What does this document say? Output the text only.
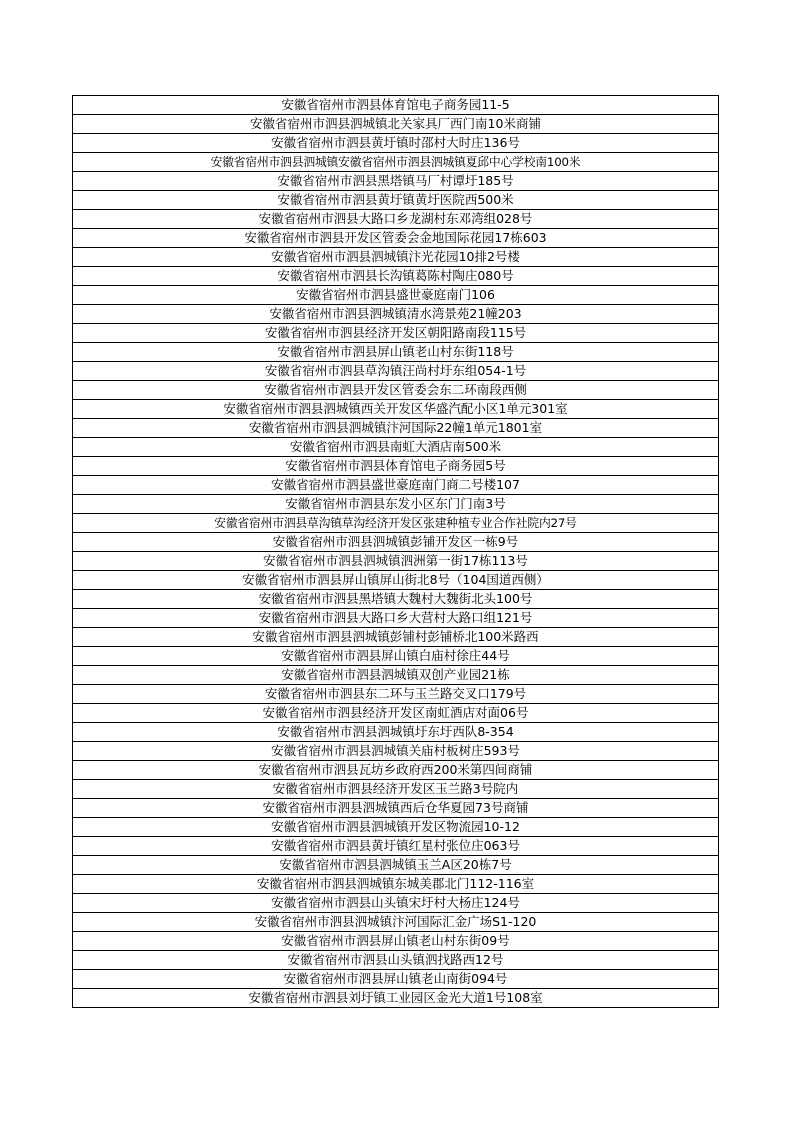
安徽省宿州市泗县体育馆电子商务园11-5
安徽省宿州市泗县泗城镇北关家具厂西门南10米商铺
安徽省宿州市泗县黄圩镇时邵村大时庄136号
安徽省宿州市泗县泗城镇安徽省宿州市泗县泗城镇夏邱中心学校南100米
安徽省宿州市泗县黑塔镇马厂村谭圩185号
安徽省宿州市泗县黄圩镇黄圩医院西500米
安徽省宿州市泗县大路口乡龙湖村东邓湾组028号
安徽省宿州市泗县开发区管委会金地国际花园17栋603
安徽省宿州市泗县泗城镇汴光花园10排2号楼
安徽省宿州市泗县长沟镇葛陈村陶庄080号
安徽省宿州市泗县盛世豪庭南门106
安徽省宿州市泗县泗城镇清水湾景苑21幢203
安徽省宿州市泗县经济开发区朝阳路南段115号
安徽省宿州市泗县屏山镇老山村东街118号
安徽省宿州市泗县草沟镇汪尚村圩东组054-1号
安徽省宿州市泗县开发区管委会东二环南段西侧
安徽省宿州市泗县泗城镇西关开发区华盛汽配小区1单元301室
安徽省宿州市泗县泗城镇汴河国际22幢1单元1801室
安徽省宿州市泗县南虹大酒店南500米
安徽省宿州市泗县体育馆电子商务园5号
安徽省宿州市泗县盛世豪庭南门商二号楼107
安徽省宿州市泗县东发小区东门门南3号
安徽省宿州市泗县草沟镇草沟经济开发区张建种植专业合作社院内27号
安徽省宿州市泗县泗城镇彭铺开发区一栋9号
安徽省宿州市泗县泗城镇泗洲第一街17栋113号
安徽省宿州市泗县屏山镇屏山街北8号（104国道西侧）
安徽省宿州市泗县黑塔镇大魏村大魏街北头100号
安徽省宿州市泗县大路口乡大营村大路口组121号
安徽省宿州市泗县泗城镇彭铺村彭铺桥北100米路西
安徽省宿州市泗县屏山镇白庙村徐庄44号
安徽省宿州市泗县泗城镇双创产业园21栋
安徽省宿州市泗县东二环与玉兰路交叉口179号
安徽省宿州市泗县经济开发区南虹酒店对面06号
安徽省宿州市泗县泗城镇圩东圩西队8-354
安徽省宿州市泗县泗城镇关庙村板树庄593号
安徽省宿州市泗县瓦坊乡政府西200米第四间商铺
安徽省宿州市泗县经济开发区玉兰路3号院内
安徽省宿州市泗县泗城镇西后仓华夏园73号商铺
安徽省宿州市泗县泗城镇开发区物流园10-12
安徽省宿州市泗县黄圩镇红星村张位庄063号
安徽省宿州市泗县泗城镇玉兰A区20栋7号
安徽省宿州市泗县泗城镇东城美郡北门112-116室
安徽省宿州市泗县山头镇宋圩村大杨庄124号
安徽省宿州市泗县泗城镇汴河国际汇金广场S1-120
安徽省宿州市泗县屏山镇老山村东街09号
安徽省宿州市泗县山头镇泗找路西12号
安徽省宿州市泗县屏山镇老山南街094号
安徽省宿州市泗县刘圩镇工业园区金光大道1号108室
